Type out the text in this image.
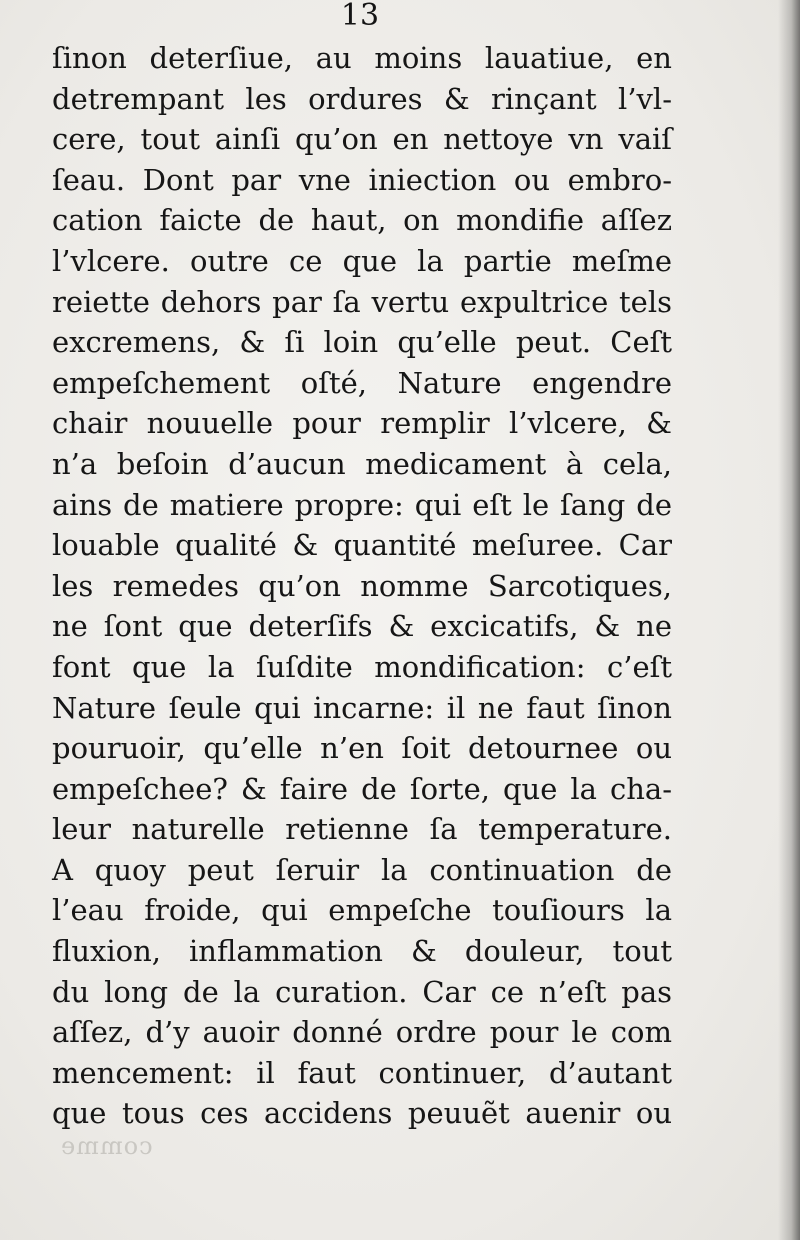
13
ſinon deterſiue, au moins lauatiue, en
detrempant les ordures & rinçant l’vl-
cere, tout ainſi qu’on en nettoye vn vaiſ
ſeau. Dont par vne iniection ou embro-
cation faicte de haut, on mondifie aſſez
l’vlcere. outre ce que la partie meſme
reiette dehors par ſa vertu expultrice tels
excremens, & ſi loin qu’elle peut. Ceſt
empeſchement oſté, Nature engendre
chair nouuelle pour remplir l’vlcere, &
n’a beſoin d’aucun medicament à cela,
ains de matiere propre: qui eſt le ſang de
louable qualité & quantité meſuree. Car
les remedes qu’on nomme Sarcotiques,
ne ſont que deterſifs & excicatifs, & ne
font que la ſuſdite mondification: c’eſt
Nature ſeule qui incarne: il ne faut ſinon
pouruoir, qu’elle n’en ſoit detournee ou
empeſchee? & faire de ſorte, que la cha-
leur naturelle retienne ſa temperature.
A quoy peut ſeruir la continuation de
l’eau froide, qui empeſche touſiours la
fluxion, inflammation & douleur, tout
du long de la curation. Car ce n’eſt pas
aſſez, d’y auoir donné ordre pour le com
mencement: il faut continuer, d’autant
que tous ces accidens peuuẽt auenir ou
comme
